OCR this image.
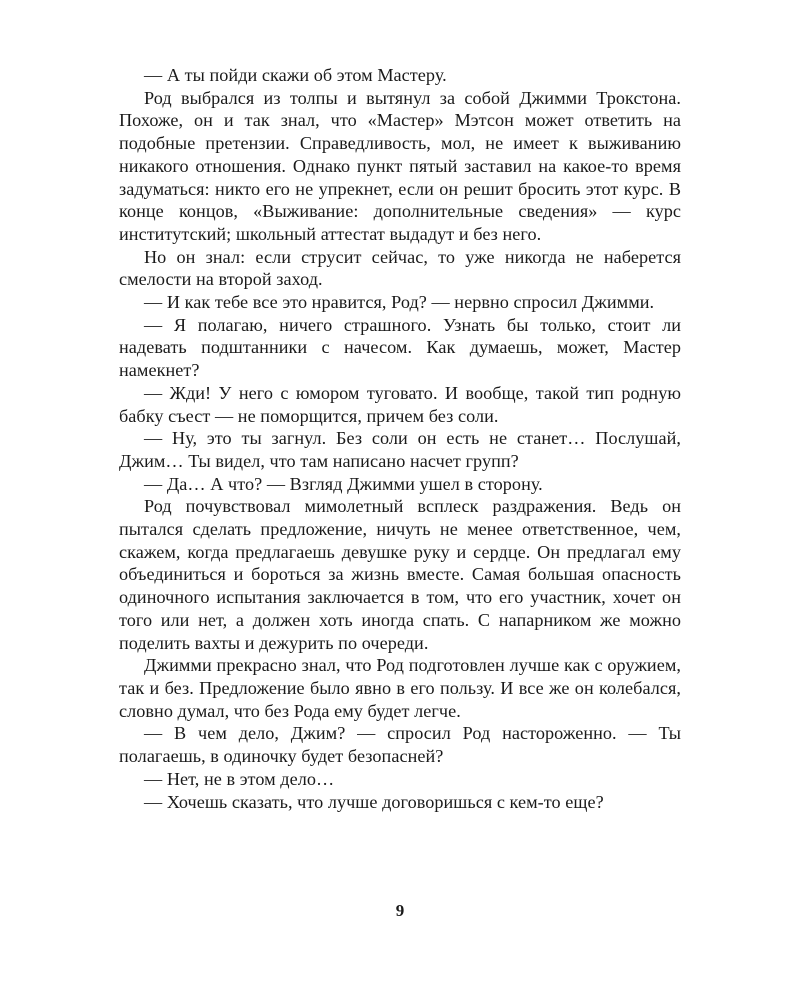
— А ты пойди скажи об этом Мастеру.

Род выбрался из толпы и вытянул за собой Джимми Трокстона. Похоже, он и так знал, что «Мастер» Мэтсон может ответить на подобные претензии. Справедливость, мол, не имеет к выживанию никакого отношения. Однако пункт пятый заставил на какое-то время задуматься: никто его не упрекнет, если он решит бросить этот курс. В конце концов, «Выживание: дополнительные сведения» — курс институтский; школьный аттестат выдадут и без него.

Но он знал: если струсит сейчас, то уже никогда не наберется смелости на второй заход.

— И как тебе все это нравится, Род? — нервно спросил Джимми.

— Я полагаю, ничего страшного. Узнать бы только, стоит ли надевать подштанники с начесом. Как думаешь, может, Мастер намекнет?

— Жди! У него с юмором туговато. И вообще, такой тип родную бабку съест — не поморщится, причем без соли.

— Ну, это ты загнул. Без соли он есть не станет… Послушай, Джим… Ты видел, что там написано насчет групп?

— Да… А что? — Взгляд Джимми ушел в сторону.

Род почувствовал мимолетный всплеск раздражения. Ведь он пытался сделать предложение, ничуть не менее ответственное, чем, скажем, когда предлагаешь девушке руку и сердце. Он предлагал ему объединиться и бороться за жизнь вместе. Самая большая опасность одиночного испытания заключается в том, что его участник, хочет он того или нет, а должен хоть иногда спать. С напарником же можно поделить вахты и дежурить по очереди.

Джимми прекрасно знал, что Род подготовлен лучше как с оружием, так и без. Предложение было явно в его пользу. И все же он колебался, словно думал, что без Рода ему будет легче.

— В чем дело, Джим? — спросил Род настороженно. — Ты полагаешь, в одиночку будет безопасней?

— Нет, не в этом дело…

— Хочешь сказать, что лучше договоришься с кем-то еще?

9
